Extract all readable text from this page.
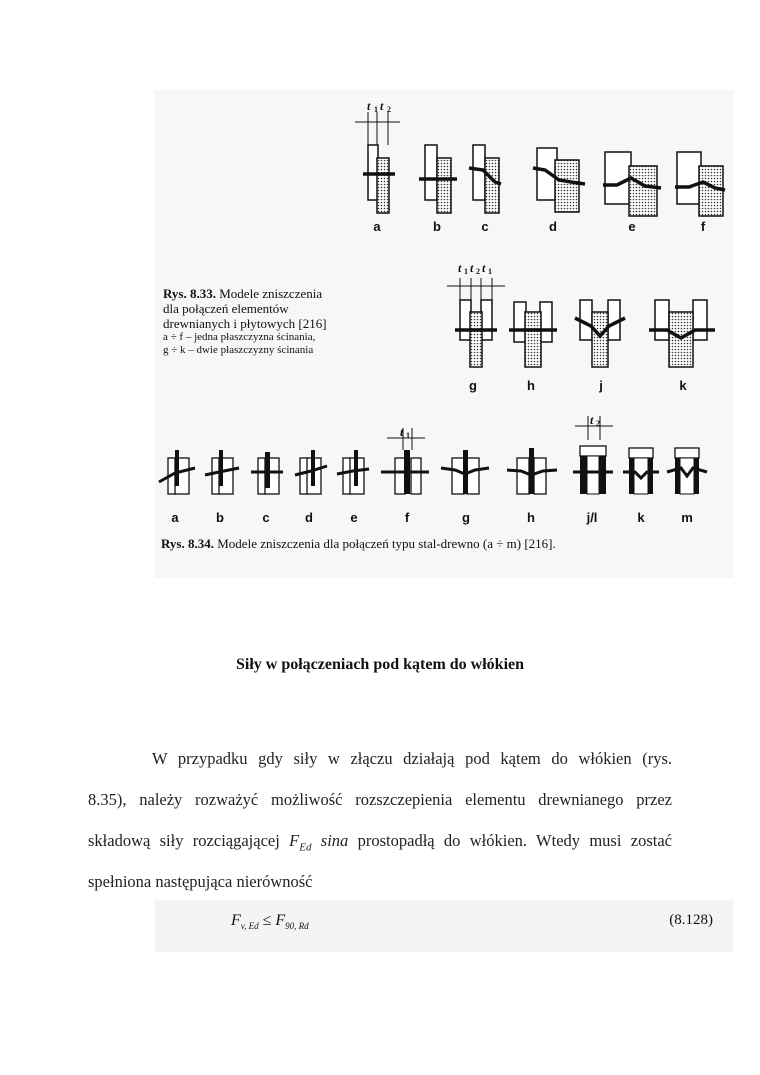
t 1 t 2
a	b	c	d	e	f
t 1 t 2 t 1
g	h	j	k
t 1
t 2
a	b	c	d	e	f	g	h	j/l	k	m
Rys. 8.33. Modele zniszczenia
dla połączeń elementów
drewnianych i płytowych [216]
a ÷ f – jedna płaszczyzna ścinania,
g ÷ k – dwie płaszczyzny ścinania
Rys. 8.34. Modele zniszczenia dla połączeń typu stal-drewno (a ÷ m) [216].
Siły w połączeniach pod kątem do włókien
W przypadku gdy siły w złączu działają pod kątem do włókien (rys.
8.35), należy rozważyć możliwość rozszczepienia elementu drewnianego przez
składową siły rozciągającej $F_{Ed}$ sina prostopadłą do włókien. Wtedy musi zostać
spełniona następująca nierówność
$F_{v, Ed} \le F_{90, Rd}$	(8.128)
